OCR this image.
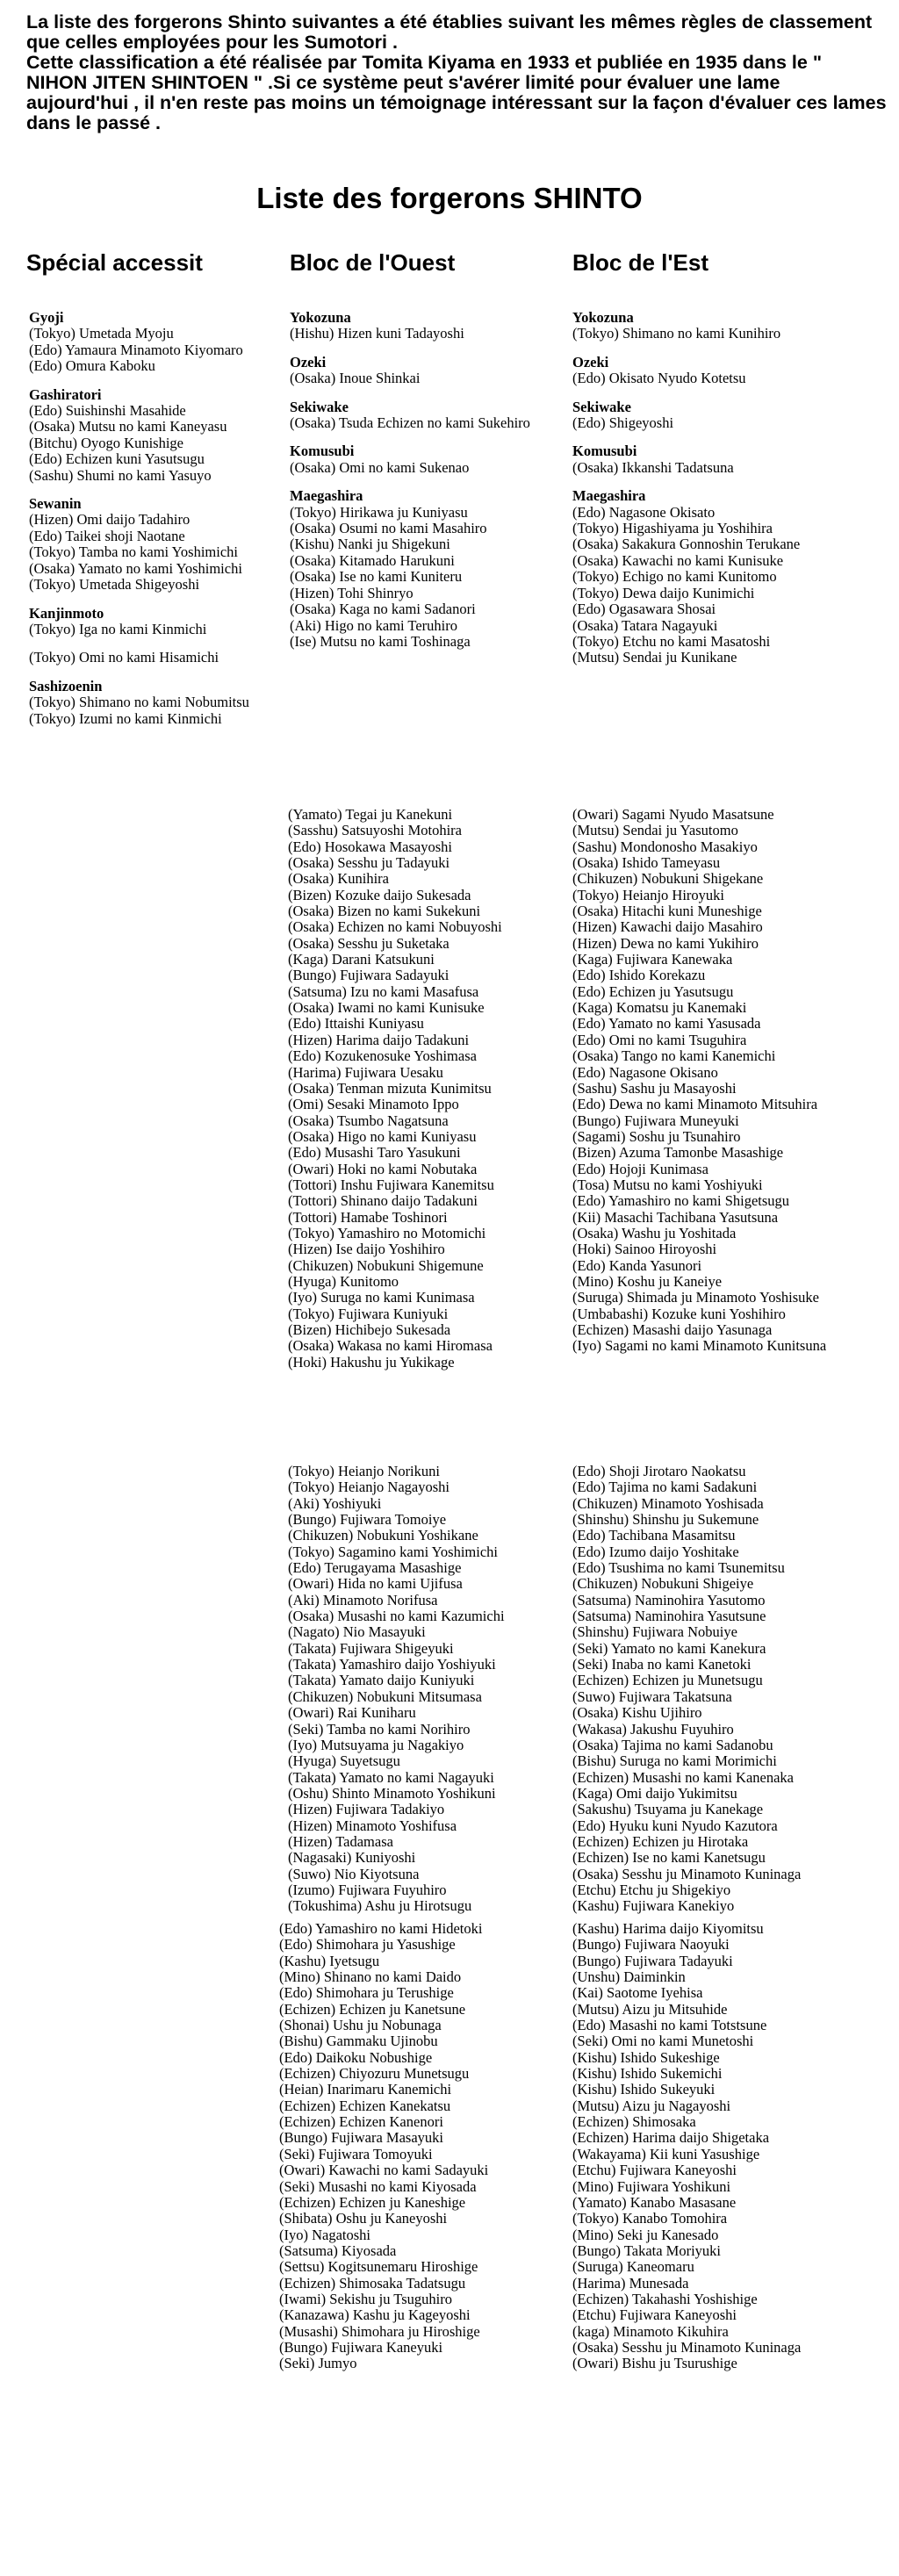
La liste des forgerons Shinto suivantes a été établies suivant les mêmes règles de classement que celles employées pour les Sumotori .

Cette classification a été réalisée par Tomita Kiyama en 1933 et publiée en 1935 dans le " NIHON JITEN SHINTOEN " .Si ce système peut s'avérer limité pour évaluer une lame aujourd'hui , il n'en reste pas moins un témoignage intéressant sur la façon d'évaluer ces lames dans le passé .

Liste des forgerons SHINTO
Spécial accessit	Bloc de l'Ouest	Bloc de l'Est
Gyoji
(Tokyo) Umetada Myoju
(Edo) Yamaura Minamoto Kiyomaro
(Edo) Omura Kaboku
Gashiratori
(Edo) Suishinshi Masahide
(Osaka) Mutsu no kami Kaneyasu
(Bitchu) Oyogo Kunishige
(Edo) Echizen kuni Yasutsugu
(Sashu) Shumi no kami Yasuyo
Sewanin
(Hizen) Omi daijo Tadahiro
(Edo) Taikei shoji Naotane
(Tokyo) Tamba no kami Yoshimichi
(Osaka) Yamato no kami Yoshimichi
(Tokyo) Umetada Shigeyoshi
Kanjinmoto
(Tokyo) Iga no kami Kinmichi
(Tokyo) Omi no kami Hisamichi
Sashizoenin
(Tokyo) Shimano no kami Nobumitsu
(Tokyo) Izumi no kami Kinmichi
Yokozuna
(Hishu) Hizen kuni Tadayoshi
Ozeki
(Osaka) Inoue Shinkai
Sekiwake
(Osaka) Tsuda Echizen no kami Sukehiro
Komusubi
(Osaka) Omi no kami Sukenao
Maegashira
(Tokyo) Hirikawa ju Kuniyasu
(Osaka) Osumi no kami Masahiro
(Kishu) Nanki ju Shigekuni
(Osaka) Kitamado Harukuni
(Osaka) Ise no kami Kuniteru
(Hizen) Tohi Shinryo
(Osaka) Kaga no kami Sadanori
(Aki) Higo no kami Teruhiro
(Ise) Mutsu no kami Toshinaga
Yokozuna
(Tokyo) Shimano no kami Kunihiro
Ozeki
(Edo) Okisato Nyudo Kotetsu
Sekiwake
(Edo) Shigeyoshi
Komusubi
(Osaka) Ikkanshi Tadatsuna
Maegashira
(Edo) Nagasone Okisato
(Tokyo) Higashiyama ju Yoshihira
(Osaka) Sakakura Gonnoshin Terukane
(Osaka) Kawachi no kami Kunisuke
(Tokyo) Echigo no kami Kunitomo
(Tokyo) Dewa daijo Kunimichi
(Edo) Ogasawara Shosai
(Osaka) Tatara Nagayuki
(Tokyo) Etchu no kami Masatoshi
(Mutsu) Sendai ju Kunikane
(Yamato) Tegai ju Kanekuni
(Sasshu) Satsuyoshi Motohira
(Edo) Hosokawa Masayoshi
(Osaka) Sesshu ju Tadayuki
(Osaka) Kunihira
(Bizen) Kozuke daijo Sukesada
(Osaka) Bizen no kami Sukekuni
(Osaka) Echizen no kami Nobuyoshi
(Osaka) Sesshu ju Suketaka
(Kaga) Darani Katsukuni
(Bungo) Fujiwara Sadayuki
(Satsuma) Izu no kami Masafusa
(Osaka) Iwami no kami Kunisuke
(Edo) Ittaishi Kuniyasu
(Hizen) Harima daijo Tadakuni
(Edo) Kozukenosuke Yoshimasa
(Harima) Fujiwara Uesaku
(Osaka) Tenman mizuta Kunimitsu
(Omi) Sesaki Minamoto Ippo
(Osaka) Tsumbo Nagatsuna
(Osaka) Higo no kami Kuniyasu
(Edo) Musashi Taro Yasukuni
(Owari) Hoki no kami Nobutaka
(Tottori) Inshu Fujiwara Kanemitsu
(Tottori) Shinano daijo Tadakuni
(Tottori) Hamabe Toshinori
(Tokyo) Yamashiro no Motomichi
(Hizen) Ise daijo Yoshihiro
(Chikuzen) Nobukuni Shigemune
(Hyuga) Kunitomo
(Iyo) Suruga no kami Kunimasa
(Tokyo) Fujiwara Kuniyuki
(Bizen) Hichibejo Sukesada
(Osaka) Wakasa no kami Hiromasa
(Hoki) Hakushu ju Yukikage
(Owari) Sagami Nyudo Masatsune
(Mutsu) Sendai ju Yasutomo
(Sashu) Mondonosho Masakiyo
(Osaka) Ishido Tameyasu
(Chikuzen) Nobukuni Shigekane
(Tokyo) Heianjo Hiroyuki
(Osaka) Hitachi kuni Muneshige
(Hizen) Kawachi daijo Masahiro
(Hizen) Dewa no kami Yukihiro
(Kaga) Fujiwara Kanewaka
(Edo) Ishido Korekazu
(Edo) Echizen ju Yasutsugu
(Kaga) Komatsu ju Kanemaki
(Edo) Yamato no kami Yasusada
(Edo) Omi no kami Tsuguhira
(Osaka) Tango no kami Kanemichi
(Edo) Nagasone Okisano
(Sashu) Sashu ju Masayoshi
(Edo) Dewa no kami Minamoto Mitsuhira
(Bungo) Fujiwara Muneyuki
(Sagami) Soshu ju Tsunahiro
(Bizen) Azuma Tamonbe Masashige
(Edo) Hojoji Kunimasa
(Tosa) Mutsu no kami Yoshiyuki
(Edo) Yamashiro no kami Shigetsugu
(Kii) Masachi Tachibana Yasutsuna
(Osaka) Washu ju Yoshitada
(Hoki) Sainoo Hiroyoshi
(Edo) Kanda Yasunori
(Mino) Koshu ju Kaneiye
(Suruga) Shimada ju Minamoto Yoshisuke
(Umbabashi) Kozuke kuni Yoshihiro
(Echizen) Masashi daijo Yasunaga
(Iyo) Sagami no kami Minamoto Kunitsuna
(Tokyo) Heianjo Norikuni
(Tokyo) Heianjo Nagayoshi
(Aki) Yoshiyuki
(Bungo) Fujiwara Tomoiye
(Chikuzen) Nobukuni Yoshikane
(Tokyo) Sagamino kami Yoshimichi
(Edo) Terugayama Masashige
(Owari) Hida no kami Ujifusa
(Aki) Minamoto Norifusa
(Osaka) Musashi no kami Kazumichi
(Nagato) Nio Masayuki
(Takata) Fujiwara Shigeyuki
(Takata) Yamashiro daijo Yoshiyuki
(Takata) Yamato daijo Kuniyuki
(Chikuzen) Nobukuni Mitsumasa
(Owari) Rai Kuniharu
(Seki) Tamba no kami Norihiro
(Iyo) Mutsuyama ju Nagakiyo
(Hyuga) Suyetsugu
(Takata) Yamato no kami Nagayuki
(Oshu) Shinto Minamoto Yoshikuni
(Hizen) Fujiwara Tadakiyo
(Hizen) Minamoto Yoshifusa
(Hizen) Tadamasa
(Nagasaki) Kuniyoshi
(Suwo) Nio Kiyotsuna
(Izumo) Fujiwara Fuyuhiro
(Tokushima) Ashu ju Hirotsugu
(Edo) Shoji Jirotaro Naokatsu
(Edo) Tajima no kami Sadakuni
(Chikuzen) Minamoto Yoshisada
(Shinshu) Shinshu ju Sukemune
(Edo) Tachibana Masamitsu
(Edo) Izumo daijo Yoshitake
(Edo) Tsushima no kami Tsunemitsu
(Chikuzen) Nobukuni Shigeiye
(Satsuma) Naminohira Yasutomo
(Satsuma) Naminohira Yasutsune
(Shinshu) Fujiwara Nobuiye
(Seki) Yamato no kami Kanekura
(Seki) Inaba no kami Kanetoki
(Echizen) Echizen ju Munetsugu
(Suwo) Fujiwara Takatsuna
(Osaka) Kishu Ujihiro
(Wakasa) Jakushu Fuyuhiro
(Osaka) Tajima no kami Sadanobu
(Bishu) Suruga no kami Morimichi
(Echizen) Musashi no kami Kanenaka
(Kaga) Omi daijo Yukimitsu
(Sakushu) Tsuyama ju Kanekage
(Edo) Hyuku kuni Nyudo Kazutora
(Echizen) Echizen ju Hirotaka
(Echizen) Ise no kami Kanetsugu
(Osaka) Sesshu ju Minamoto Kuninaga
(Etchu) Etchu ju Shigekiyo
(Kashu) Fujiwara Kanekiyo
(Edo) Yamashiro no kami Hidetoki
(Edo) Shimohara ju Yasushige
(Kashu) Iyetsugu
(Mino) Shinano no kami Daido
(Edo) Shimohara ju Terushige
(Echizen) Echizen ju Kanetsune
(Shonai) Ushu ju Nobunaga
(Bishu) Gammaku Ujinobu
(Edo) Daikoku Nobushige
(Echizen) Chiyozuru Munetsugu
(Heian) Inarimaru Kanemichi
(Echizen) Echizen Kanekatsu
(Echizen) Echizen Kanenori
(Bungo) Fujiwara Masayuki
(Seki) Fujiwara Tomoyuki
(Owari) Kawachi no kami Sadayuki
(Seki) Musashi no kami Kiyosada
(Echizen) Echizen ju Kaneshige
(Shibata) Oshu ju Kaneyoshi
(Iyo) Nagatoshi
(Satsuma) Kiyosada
(Settsu) Kogitsunemaru Hiroshige
(Echizen) Shimosaka Tadatsugu
(Iwami) Sekishu ju Tsuguhiro
(Kanazawa) Kashu ju Kageyoshi
(Musashi) Shimohara ju Hiroshige
(Bungo) Fujiwara Kaneyuki
(Seki) Jumyo
(Kashu) Harima daijo Kiyomitsu
(Bungo) Fujiwara Naoyuki
(Bungo) Fujiwara Tadayuki
(Unshu) Daiminkin
(Kai) Saotome Iyehisa
(Mutsu) Aizu ju Mitsuhide
(Edo) Masashi no kami Totstsune
(Seki) Omi no kami Munetoshi
(Kishu) Ishido Sukeshige
(Kishu) Ishido Sukemichi
(Kishu) Ishido Sukeyuki
(Mutsu) Aizu ju Nagayoshi
(Echizen) Shimosaka
(Echizen) Harima daijo Shigetaka
(Wakayama) Kii kuni Yasushige
(Etchu) Fujiwara Kaneyoshi
(Mino) Fujiwara Yoshikuni
(Yamato) Kanabo Masasane
(Tokyo) Kanabo Tomohira
(Mino) Seki ju Kanesado
(Bungo) Takata Moriyuki
(Suruga) Kaneomaru
(Harima) Munesada
(Echizen) Takahashi Yoshishige
(Etchu) Fujiwara Kaneyoshi
(kaga) Minamoto Kikuhira
(Osaka) Sesshu ju Minamoto Kuninaga
(Owari) Bishu ju Tsurushige
